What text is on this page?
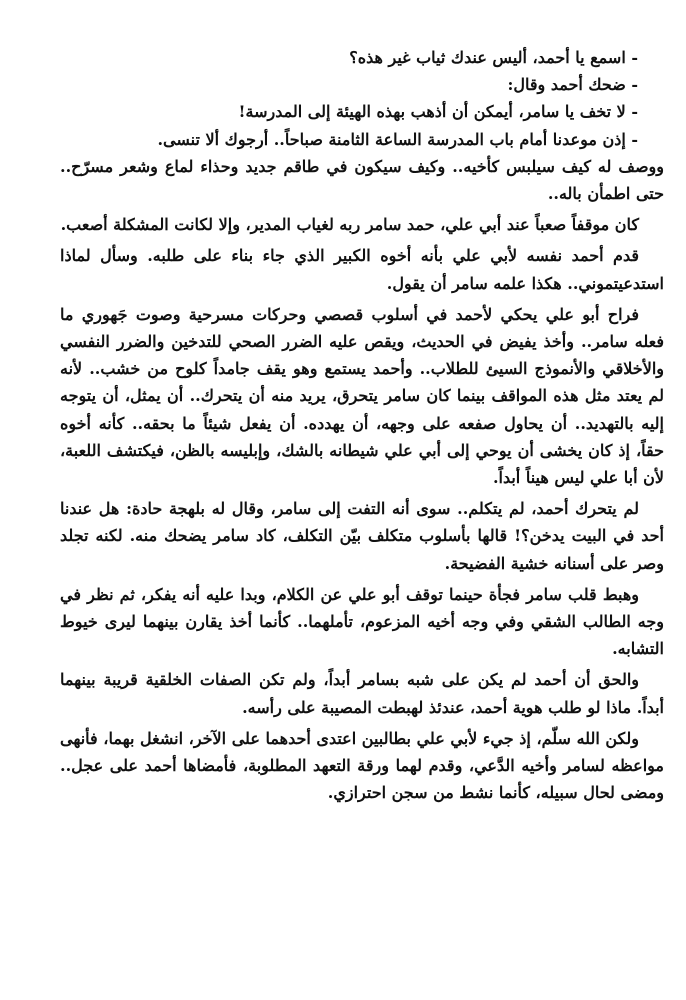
- اسمع يا أحمد، أليس عندك ثياب غير هذه؟

- ضحك أحمد وقال:

- لا تخف يا سامر، أيمكن أن أذهب بهذه الهيئة إلى المدرسة!

- إذن موعدنا أمام باب المدرسة الساعة الثامنة صباحاً.. أرجوك ألا تنسى.

ووصف له كيف سيلبس كأخيه.. وكيف سيكون في طاقم جديد وحذاء لماع وشعر مسرّح.. حتى اطمأن باله..

كان موقفاً صعباً عند أبي علي، حمد سامر ربه لغياب المدير، وإلا لكانت المشكلة أصعب.

قدم أحمد نفسه لأبي علي بأنه أخوه الكبير الذي جاء بناء على طلبه. وسأل لماذا استدعيتموني.. هكذا علمه سامر أن يقول.

فراح أبو علي يحكي لأحمد في أسلوب قصصي وحركات مسرحية وصوت جَهوري ما فعله سامر.. وأخذ يفيض في الحديث، ويقص عليه الضرر الصحي للتدخين والضرر النفسي والأخلاقي والأنموذج السيئ للطلاب.. وأحمد يستمع وهو يقف جامداً كلوح من خشب.. لأنه لم يعتد مثل هذه المواقف بينما كان سامر يتحرق، يريد منه أن يتحرك.. أن يمثل، أن يتوجه إليه بالتهديد.. أن يحاول صفعه على وجهه، أن يهدده. أن يفعل شيئاً ما بحقه.. كأنه أخوه حقاً، إذ كان يخشى أن يوحي إلى أبي علي شيطانه بالشك، وإبليسه بالظن، فيكتشف اللعبة، لأن أبا علي ليس هيناً أبداً.

لم يتحرك أحمد، لم يتكلم.. سوى أنه التفت إلى سامر، وقال له بلهجة حادة: هل عندنا أحد في البيت يدخن؟! قالها بأسلوب متكلف بيّن التكلف، كاد سامر يضحك منه. لكنه تجلد وصر على أسنانه خشية الفضيحة.

وهبط قلب سامر فجأة حينما توقف أبو علي عن الكلام، وبدا عليه أنه يفكر، ثم نظر في وجه الطالب الشقي وفي وجه أخيه المزعوم، تأملهما.. كأنما أخذ يقارن بينهما ليرى خيوط التشابه.

والحق أن أحمد لم يكن على شبه بسامر أبداً، ولم تكن الصفات الخلقية قريبة بينهما أبداً. ماذا لو طلب هوية أحمد، عندئذ لهبطت المصيبة على رأسه.

ولكن الله سلّم، إذ جيء لأبي علي بطالبين اعتدى أحدهما على الآخر، انشغل بهما، فأنهى مواعظه لسامر وأخيه الدَّعي، وقدم لهما ورقة التعهد المطلوبة، فأمضاها أحمد على عجل.. ومضى لحال سبيله، كأنما نشط من سجن احترازي.
